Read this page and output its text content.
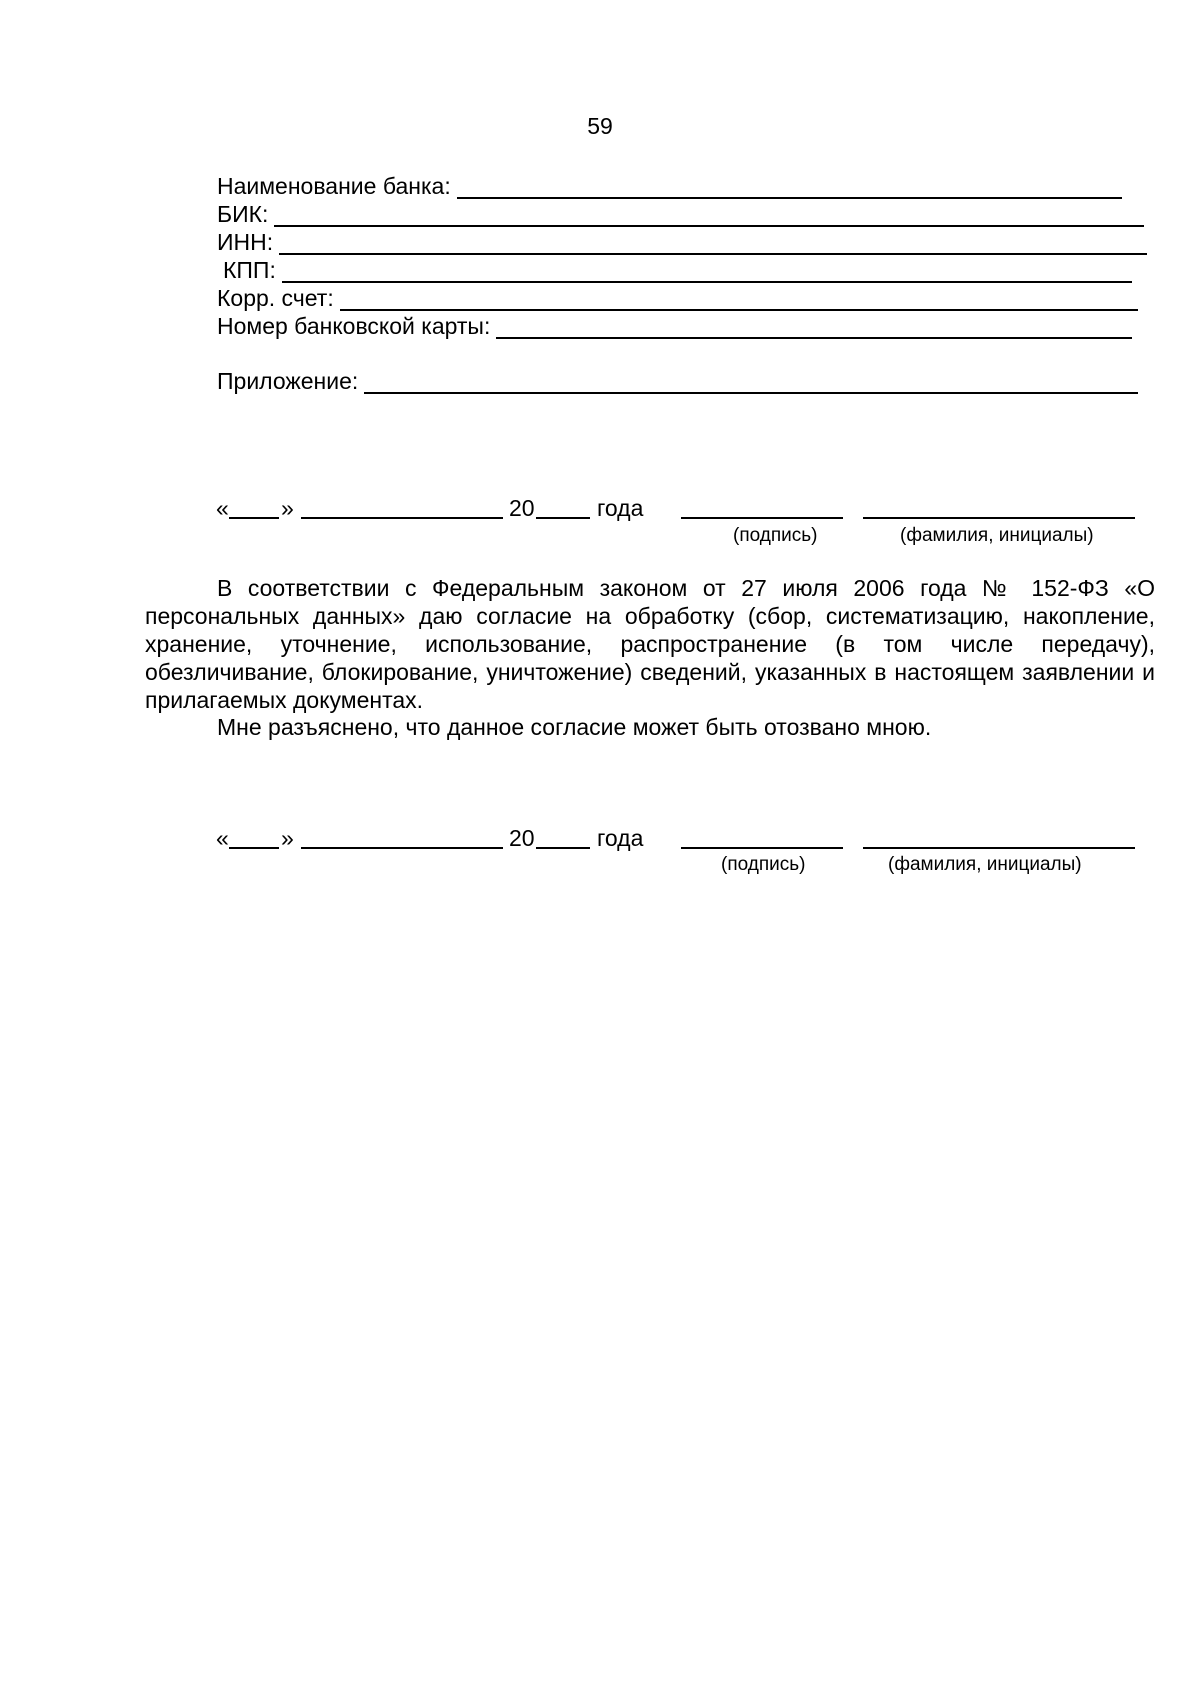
59
Наименование банка:
БИК:
ИНН:
КПП:
Корр. счет:
Номер банковской карты:
Приложение:
« »	20	года
(подпись)	(фамилия, инициалы)

В соответствии с Федеральным законом от 27 июля 2006 года № 152-ФЗ «О персональных данных» даю согласие на обработку (сбор, систематизацию, накопление, хранение, уточнение, использование, распространение (в том числе передачу), обезличивание, блокирование, уничтожение) сведений, указанных в настоящем заявлении и прилагаемых документах.

Мне разъяснено, что данное согласие может быть отозвано мною.

« »	20	года
(подпись)	(фамилия, инициалы)
